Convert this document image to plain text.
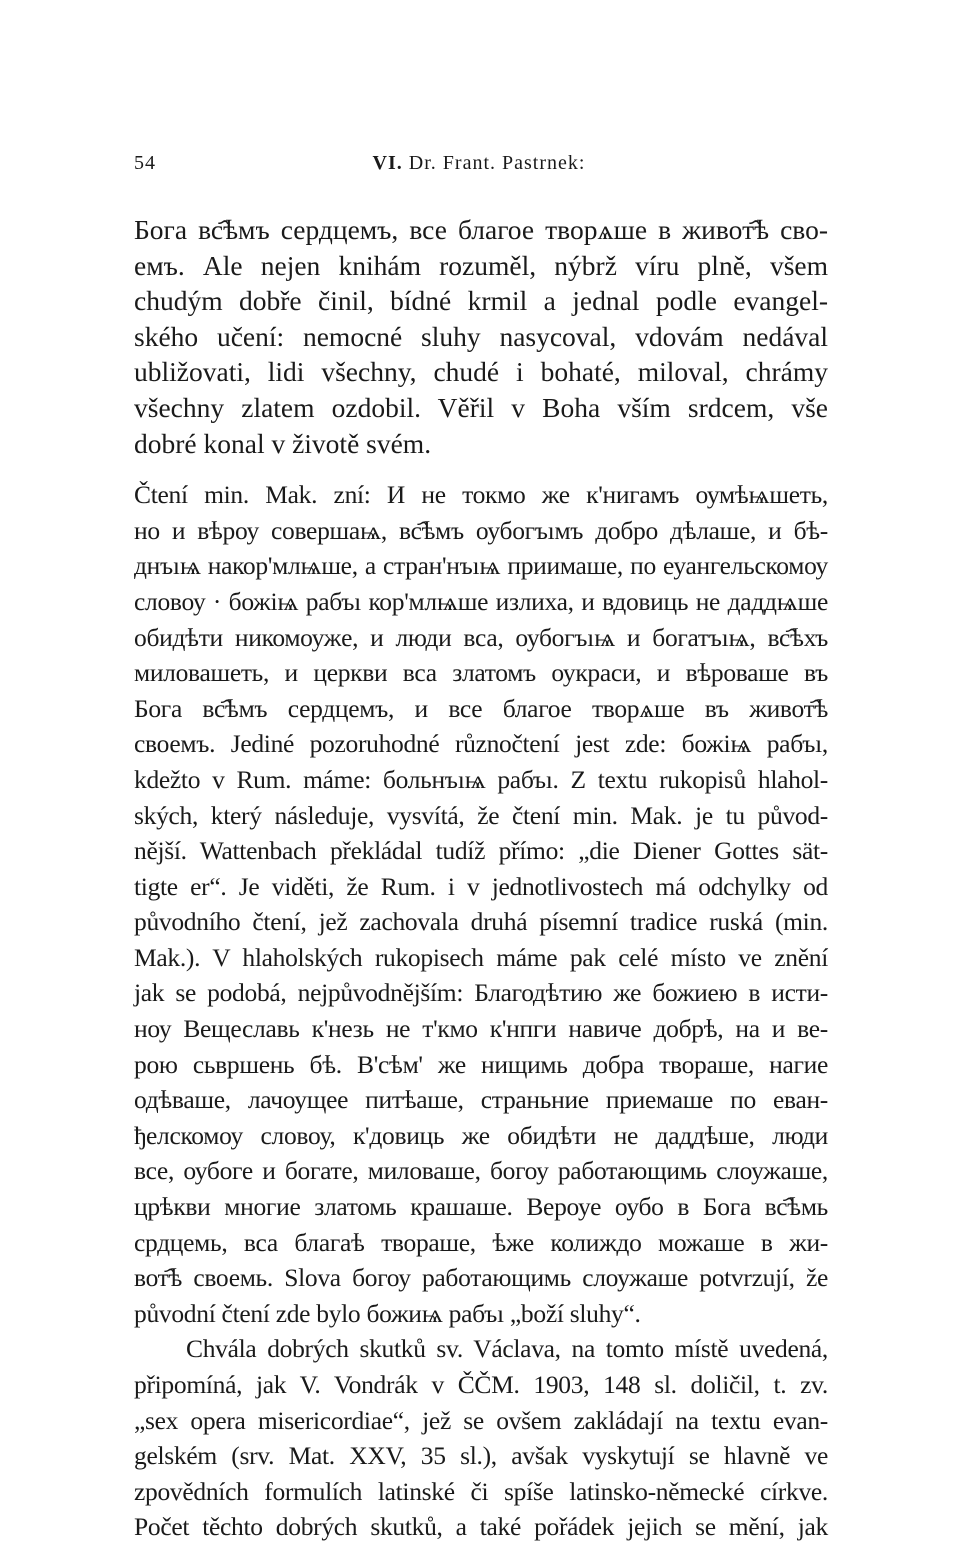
54	VI. Dr. Frant. Pastrnek:
Бога вс҄ѣмъ сердцемъ, все благое творѧше в живот҄ѣ сво-
емъ. Ale nejen knihám rozuměl, nýbrž víru plně, všem
chudým dobře činil, bídné krmil a jednal podle evangel-
ského učení: nemocné sluhy nasycoval, vdovám nedával
ubližovati, lidi všechny, chudé i bohaté, miloval, chrámy
všechny zlatem ozdobil. Věřil v Boha vším srdcem, vše
dobré konal v životě svém.
Čtení min. Mak. zní: И не токмо же к'нигамъ оумѣѩшеть,
но и вѣроу совершаѩ, вс҄ѣмъ оубогъıмъ добро дѣлаше, и бѣ-
днъıѩ накор'млѩше, а стран'нъıѩ приимаше, по еуангельскомоу
словоу · божіѩ рабъı кор'млѩше излиха, и вдовиць не даддѩше
обидѣти никомоужe, и люди вса, оубогъıѩ и богатъıѩ, вс҄ѣхъ
миловашеть, и церкви вса златомъ оукраси, и вѣроваше въ
Бога вс҄ѣмъ сердцемъ, и все благое творѧше въ живот҄ѣ
своемъ. Jediné pozoruhodné různočtení jest zde: божіѩ рабъı,
kdežto v Rum. máme: больнъıѩ рабъı. Z textu rukopisů hlahol-
ských, který následuje, vysvítá, že čtení min. Mak. je tu původ-
nější. Wattenbach překládal tudíž přímo: „die Diener Gottes sät-
tigte er“. Je viděti, že Rum. i v jednotlivostech má odchylky od
původního čtení, jež zachovala druhá písemní tradice ruská (min.
Mak.). V hlaholských rukopisech máme pak celé místo ve znění
jak se podobá, nejpůvodnějším: Благодѣтию же божиею в исти-
ноу Вещеславь к'незь не т'кмо к'нпги навиче добрѣ, на и ве-
рою сьвршень бѣ. В'сѣм' же нищимь добра твораше, нагие
одѣваше, лачоущее питѣаше, страньние приемаше по еван-
ђелскомоу словоу, к'довиць же обидѣти не даддѣше, люди
все, оубоге и богате, миловаше, богоу работающимь слоужаше,
црѣкви многие златомь крашаше. Вероуе оубо в Бога вс҄ѣмь
срдцемь, вса благаѣ твораше, ѣже колиждо можаше в жи-
вот҄ѣ своемь. Slova богоу работающимь слоужаше potvrzují, že
původní čtení zde bylo божиѩ рабъı „boží sluhy“.
Chvála dobrých skutků sv. Václava, na tomto místě uvedená,
připomíná, jak V. Vondrák v ČČM. 1903, 148 sl. doličil, t. zv.
„sex opera misericordiae“, jež se ovšem zakládají na textu evan-
gelském (srv. Mat. XXV, 35 sl.), avšak vyskytují se hlavně ve
zpovědních formulích latinské či spíše latinsko-německé církve.
Počet těchto dobrých skutků, a také pořádek jejich se mění, jak
